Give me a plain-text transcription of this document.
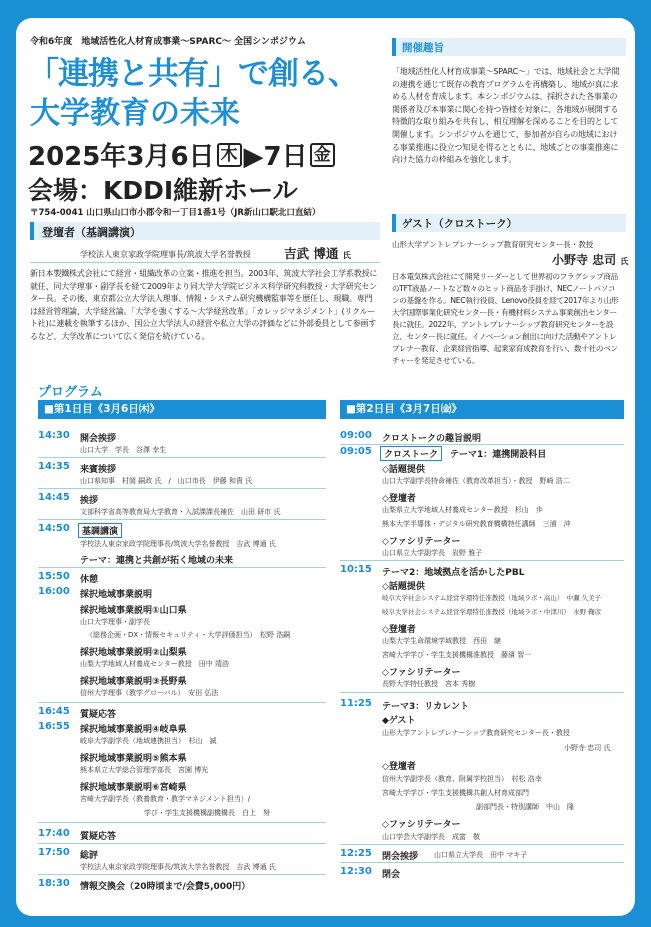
令和6年度　地域活性化人材育成事業〜SPARC〜 全国シンポジウム
「連携と共有」で創る、
大学教育の未来
2025年3月6日 木 ▶7日 金
会場：KDDI維新ホール
〒754-0041 山口県山口市小郡令和一丁目1番1号（JR新山口駅北口直結）
登壇者（基調講演）
学校法人東京家政学院理事長/筑波大学名誉教授	吉武 博通 氏
新日本製鐵株式会社にて経営・組織改革の立案・推進を担当。2003年、筑波大学社会工学系教授に就任、同大学理事・副学長を経て2009年より同大学大学院ビジネス科学研究科教授・大学研究センター長。その後、東京都公立大学法人理事、情報・システム研究機構監事等を歴任し、現職。専門は経営管理論、大学経営論。「大学を強くする〜大学経営改革」「カレッジマネジメント」(リクルート社)に連載を執筆するほか、国公立大学法人の経営や私立大学の評価などに外部委員として参画するなど、大学改革について広く発信を続けている。
開催趣旨
「地域活性化人材育成事業〜SPARC〜」では、地域社会と大学間の連携を通じて既存の教育プログラムを再構築し、地域が真に求める人材を育成します。本シンポジウムは、採択された各事業の関係者及び本事業に関心を持つ皆様を対象に、各地域が展開する特徴的な取り組みを共有し、相互理解を深めることを目的として開催します。シンポジウムを通じて、参加者が自らの地域における事業推進に役立つ知見を得るとともに、地域ごとの事業推進に向けた協力の枠組みを強化します。
ゲスト（クロストーク）
山形大学アントレプレナーシップ教育研究センター長・教授
小野寺 忠司 氏
日本電気株式会社にて開発リーダーとして世界初のフラグシップ商品のTFT液晶ノートなど数々のヒット商品を手掛け、NECノートパソコンの基盤を作る。NEC執行役員、Lenovo役員を経て2017年より山形大学国際事業化研究センター長・有機材料システム事業創出センター長に就任。2022年、アントレプレナーシップ教育研究センターを設立、センター長に就任。イノベーション創出に向けた活動やアントレプレナー教育、企業経営指導、起業家育成教育を行い、数十社のベンチャーを発足させている。
プログラム
■第1日目《3月6日㈭》	■第2日目《3月7日㈮》
14:30 開会挨拶
山口大学　学長　谷澤 幸生
14:35 来賓挨拶
山口県知事　村岡 嗣政 氏　/　山口市長　伊藤 和貴 氏
14:45 挨拶
文部科学省高等教育局大学教育・入試課課長補佐　山田 研市 氏
14:50	基調講演
学校法人東京家政学院理事長/筑波大学名誉教授　吉武 博通 氏
テーマ：連携と共創が拓く地域の未来
15:50 休憩
16:00 採択地域事業説明
採択地域事業説明①山口県
山口大学理事・副学長
（総務企画・DX・情報セキュリティ・大学評価担当）　松野 浩嗣
採択地域事業説明②山梨県
山梨大学地域人材養成センター教授　田中 靖浩
採択地域事業説明③長野県
信州大学理事（教学グローバル）　安田 弘法
16:45 質疑応答
16:55 採択地域事業説明④岐阜県
岐阜大学副学長（地域連携担当）　杉山　誠
採択地域事業説明⑤熊本県
熊本県立大学総合管理学部長　宮園 博光
採択地域事業説明⑥宮崎県
宮崎大学副学長（教養教育・教学マネジメント担当）/
学び・学生支援機構副機構長　白上　努
17:40 質疑応答
17:50 総評
学校法人東京家政学院理事長/筑波大学名誉教授　吉武 博通 氏
18:30 情報交換会（20時頃まで/会費5,000円）
09:00 クロストークの趣旨説明
09:05	クロストーク	テーマ1：連携開設科目
◇話題提供
山口大学副学長特命補佐（教育改革担当）・教授　野崎 浩二
◇登壇者
山梨県立大学地域人材養成センター教授　杉山　歩
熊本大学半導体・デジタル研究教育機構特任講師　三浦　沖
◇ファシリテーター
山口県立大学副学長　岩野 雅子
10:15 テーマ2：地域拠点を活かしたPBL
◇話題提供
岐阜大学社会システム経営学環特任准教授（地域ラボ・高山）　中瀬 久美子
岐阜大学社会システム経営学環特任准教授（地域ラボ・中津川）　水野 鞠彦
◇登壇者
山梨大学生命環境学域教授　西田　継
宮崎大学学び・学生支援機構准教授　藤濱 智一
◇ファシリテーター
長野大学特任教授　宮本 秀樹
11:25 テーマ3：リカレント
◆ゲスト
山形大学アントレプレナーシップ教育研究センター長・教授
小野寺 忠司 氏
◇登壇者
信州大学副学長（教育、附属学校担当）　村松 浩幸
宮崎大学学び・学生支援機構共創人材育成部門
副部門長・特別講師　中山　隆
◇ファシリテーター
山口学芸大学副学長　成富　敬
12:25 閉会挨拶 山口県立大学長　田中 マキ子
12:30 閉会
